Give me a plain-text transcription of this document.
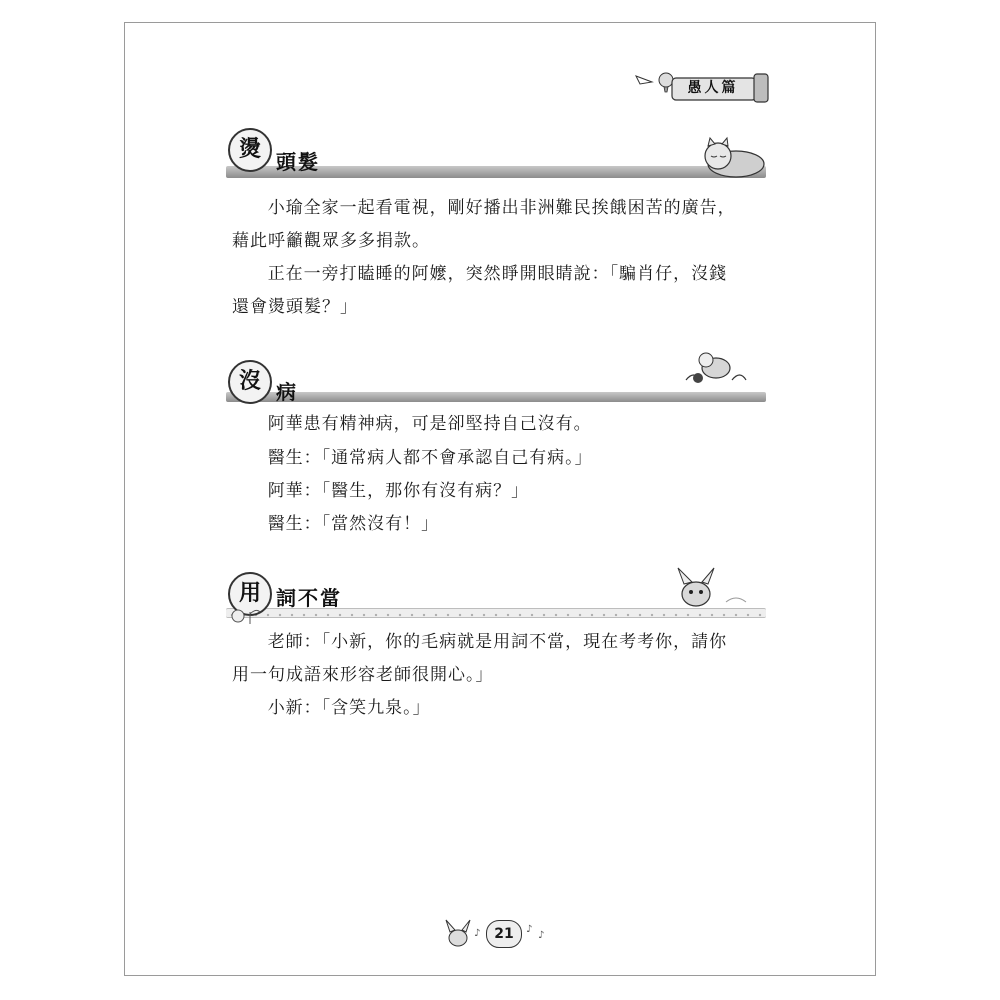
愚人篇
燙 頭髮
小瑜全家一起看電視，剛好播出非洲難民挨餓困苦的廣告，
藉此呼籲觀眾多多捐款。
正在一旁打瞌睡的阿嬤，突然睜開眼睛說：「騙肖仔，沒錢
還會燙頭髮？」
沒 病
阿華患有精神病，可是卻堅持自己沒有。
醫生：「通常病人都不會承認自己有病。」
阿華：「醫生，那你有沒有病？」
醫生：「當然沒有！」
用 詞不當
老師：「小新，你的毛病就是用詞不當，現在考考你，請你
用一句成語來形容老師很開心。」
小新：「含笑九泉。」
♪	♪
♪
21
